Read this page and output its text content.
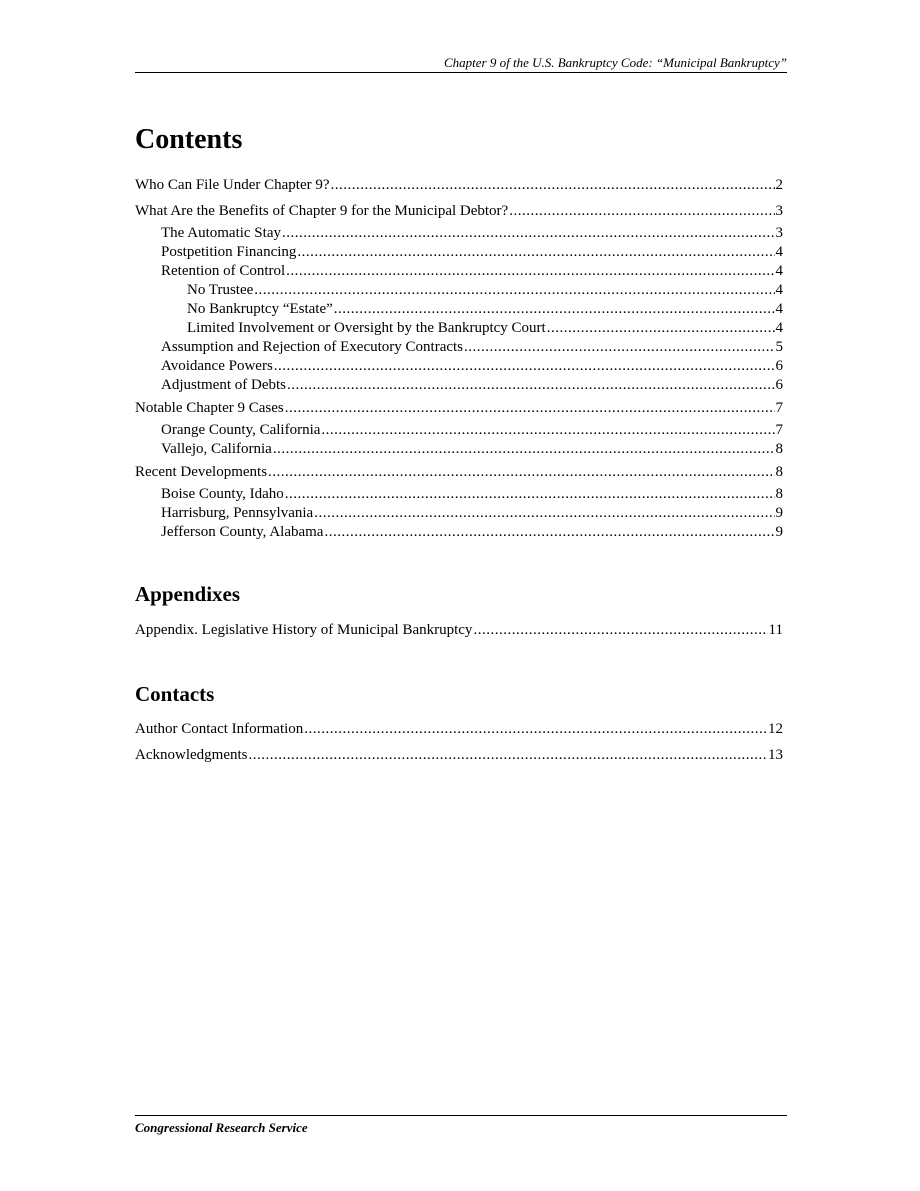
Chapter 9 of the U.S. Bankruptcy Code: “Municipal Bankruptcy”
Contents
Who Can File Under Chapter 9? .....	2
What Are the Benefits of Chapter 9 for the Municipal Debtor? .....	3
The Automatic Stay .....	3
Postpetition Financing .....	4
Retention of Control .....	4
No Trustee .....	4
No Bankruptcy “Estate” .....	4
Limited Involvement or Oversight by the Bankruptcy Court .....	4
Assumption and Rejection of Executory Contracts .....	5
Avoidance Powers .....	6
Adjustment of Debts .....	6
Notable Chapter 9 Cases .....	7
Orange County, California .....	7
Vallejo, California .....	8
Recent Developments .....	8
Boise County, Idaho .....	8
Harrisburg, Pennsylvania .....	9
Jefferson County, Alabama .....	9
Appendixes
Appendix. Legislative History of Municipal Bankruptcy .....	11
Contacts
Author Contact Information .....	12
Acknowledgments .....	13
Congressional Research Service
